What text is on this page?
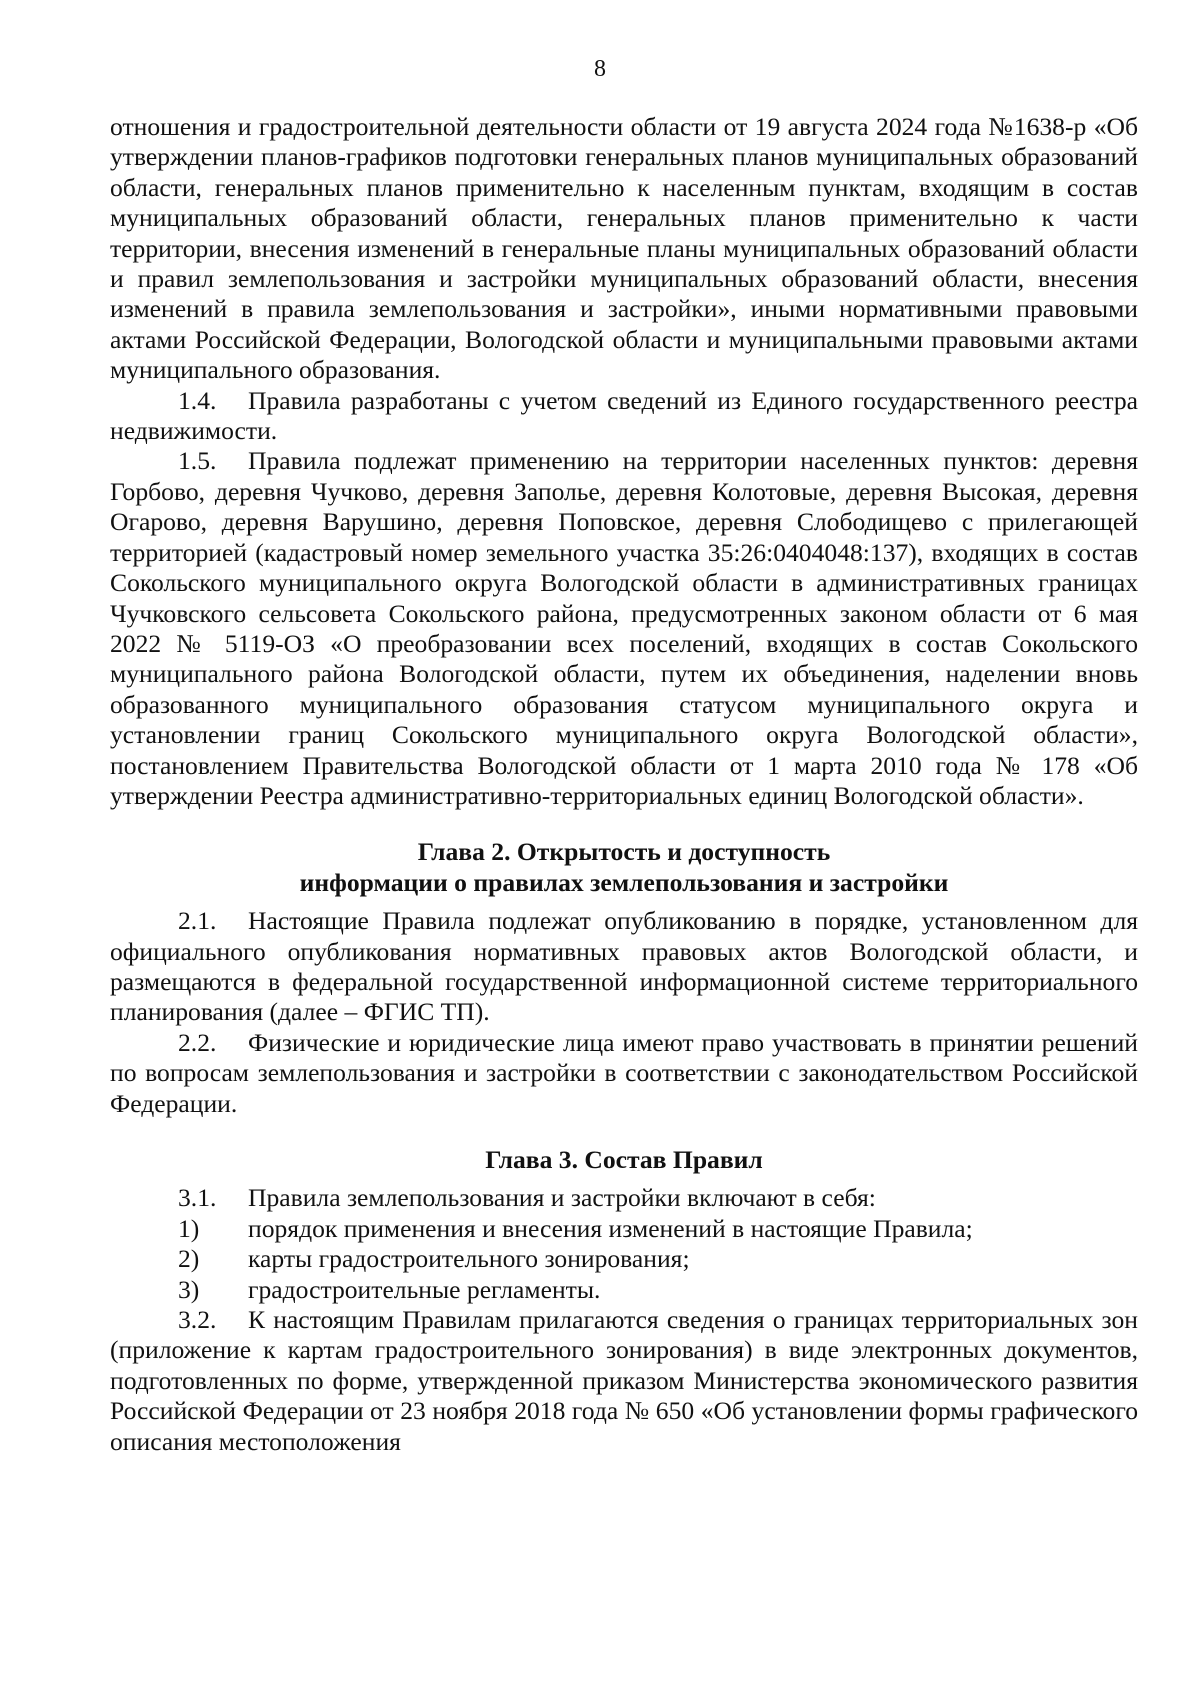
8

отношения и градостроительной деятельности области от 19 августа 2024 года №1638-р «Об утверждении планов-графиков подготовки генеральных планов муниципальных образований области, генеральных планов применительно к населенным пунктам, входящим в состав муниципальных образований области, генеральных планов применительно к части территории, внесения изменений в генеральные планы муниципальных образований области и правил землепользования и застройки муниципальных образований области, внесения изменений в правила землепользования и застройки», иными нормативными правовыми актами Российской Федерации, Вологодской области и муниципальными правовыми актами муниципального образования.

1.4. Правила разработаны с учетом сведений из Единого государственного реестра недвижимости.

1.5. Правила подлежат применению на территории населенных пунктов: деревня Горбово, деревня Чучково, деревня Заполье, деревня Колотовые, деревня Высокая, деревня Огарово, деревня Варушино, деревня Поповское, деревня Слободищево с прилегающей территорией (кадастровый номер земельного участка 35:26:0404048:137), входящих в состав Сокольского муниципального округа Вологодской области в административных границах Чучковского сельсовета Сокольского района, предусмотренных законом области от 6 мая 2022 № 5119-ОЗ «О преобразовании всех поселений, входящих в состав Сокольского муниципального района Вологодской области, путем их объединения, наделении вновь образованного муниципального образования статусом муниципального округа и установлении границ Сокольского муниципального округа Вологодской области», постановлением Правительства Вологодской области от 1 марта 2010 года № 178 «Об утверждении Реестра административно-территориальных единиц Вологодской области».

Глава 2. Открытость и доступность

информации о правилах землепользования и застройки

2.1. Настоящие Правила подлежат опубликованию в порядке, установленном для официального опубликования нормативных правовых актов Вологодской области, и размещаются в федеральной государственной информационной системе территориального планирования (далее – ФГИС ТП).

2.2. Физические и юридические лица имеют право участвовать в принятии решений по вопросам землепользования и застройки в соответствии с законодательством Российской Федерации.

Глава 3. Состав Правил

3.1. Правила землепользования и застройки включают в себя:

1)	порядок применения и внесения изменений в настоящие Правила;
2)	карты градостроительного зонирования;
3)	градостроительные регламенты.

3.2. К настоящим Правилам прилагаются сведения о границах территориальных зон (приложение к картам градостроительного зонирования) в виде электронных документов, подготовленных по форме, утвержденной приказом Министерства экономического развития Российской Федерации от 23 ноября 2018 года № 650 «Об установлении формы графического описания местоположения
